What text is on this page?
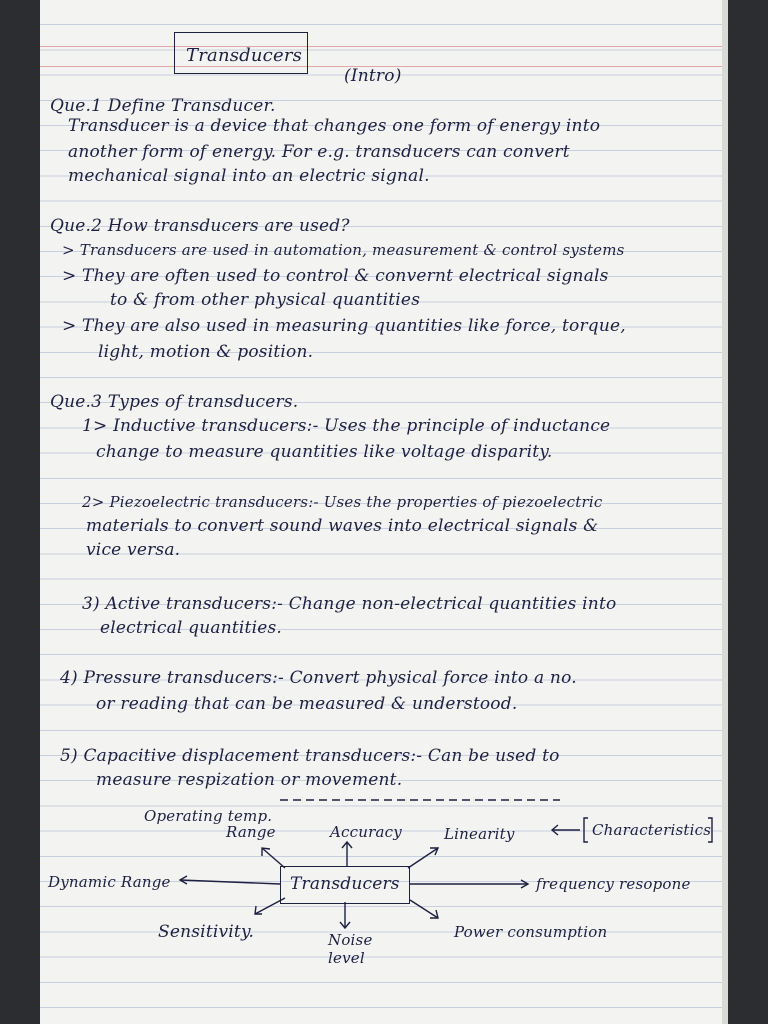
Transducers
(Intro)
Que.1 Define Transducer.
Transducer is a device that changes one form of energy into
another form of energy. For e.g. transducers can convert
mechanical signal into an electric signal.
Que.2 How transducers are used?
> Transducers are used in automation, measurement & control systems
> They are often used to control & convernt electrical signals
to & from other physical quantities
> They are also used in measuring quantities like force, torque,
light, motion & position.
Que.3 Types of transducers.
1> Inductive transducers:- Uses the principle of inductance
change to measure quantities like voltage disparity.
2> Piezoelectric transducers:- Uses the properties of piezoelectric
materials to convert sound waves into electrical signals &
vice versa.
3) Active transducers:- Change non-electrical quantities into
electrical quantities.
4) Pressure transducers:- Convert physical force into a no.
or reading that can be measured & understood.
5) Capacitive displacement transducers:- Can be used to
measure respization or movement.
Transducers
Operating temp.
Range	Accuracy	Linearity	Characteristics
Dynamic Range	frequency resopone
Sensitivity.	Noise
level
Power consumption
